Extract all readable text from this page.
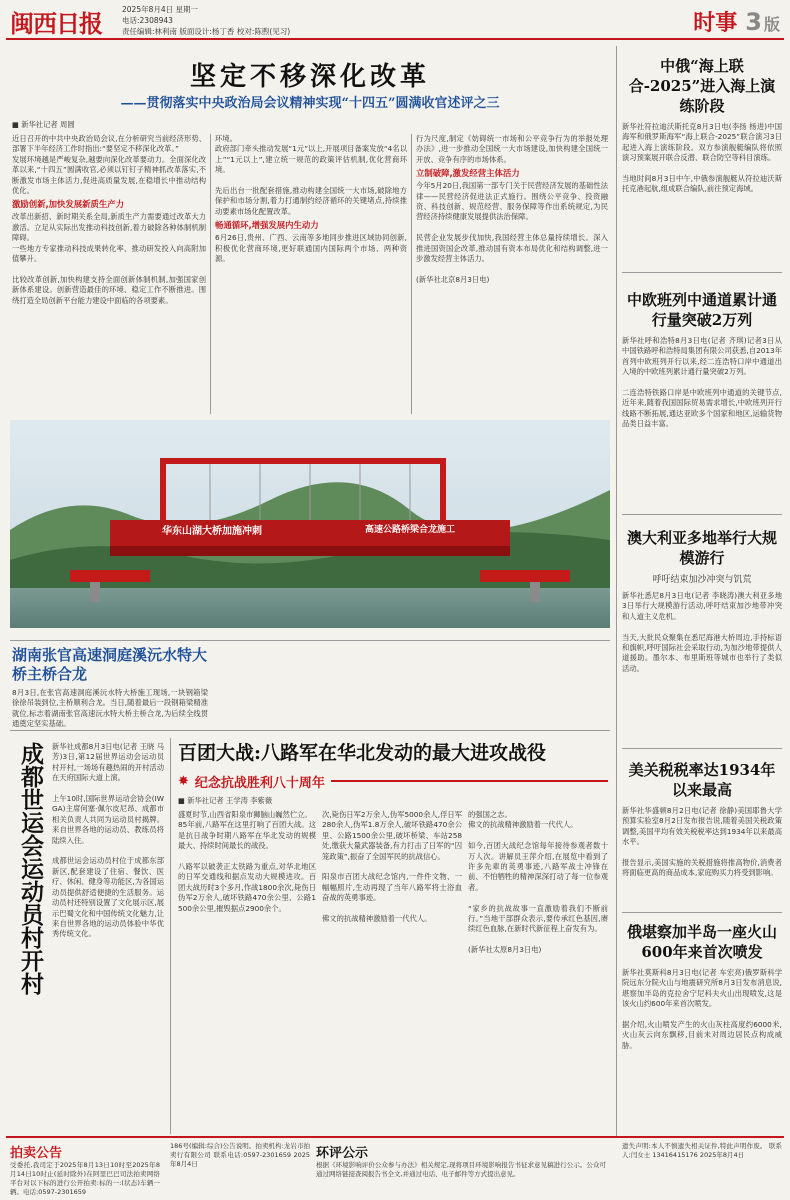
闽西日报	2025年8月4日 星期一
电话:2308943
责任编辑:林利南 版面设计:杨丁香 校对:陈煦(见习)	时事 3 版
坚定不移深化改革
——贯彻落实中央政治局会议精神实现“十四五”圆满收官述评之三
■ 新华社记者 周圆
近日召开的中共中央政治局会议,在分析研究当前经济形势、部署下半年经济工作时指出:“要坚定不移深化改革。”
发展环境越是严峻复杂,越要向深化改革要动力。全面深化改革以来,“十四五”圆满收官,必须以钉钉子精神抓改革落实,不断激发市场主体活力,促进高质量发展,在稳增长中推动结构优化。
激励创新,加快发展新质生产力
改革出新招、新时期关系全局,新质生产力需要通过改革大力激活。立足从实际出发推动科技创新,着力破除各种体制机制障碍。
一些地方专家推动科技成果转化率、推动研发投入向高附加值攀升。

比较改革创新,加快构建支持全面创新体制机制,加强国家创新体系建设。创新营造最佳的环境、稳定工作不断推进。围绕打造全局创新平台能力建设中面临的各项要素。
环境。
政府部门牵头推动发展“1元”以上,开展项目备案发放“4名以上”“1元以上”,建立统一规范的政策评估机制,优化营商环境。

先后出台一批配套措施,推动构建全国统一大市场,破除地方保护和市场分割,着力打通制约经济循环的关键堵点,持续推动要素市场化配置改革。
畅通循环,增强发展内生动力
6月26日,贵州、广西、云南等多地同步推进区域协同创新,积极优化营商环境,更好联通国内国际两个市场、两种资源。
行为尺度,制定《妨碍统一市场和公平竞争行为的举报处理办法》,进一步推动全国统一大市场建设,加快构建全国统一开放、竞争有序的市场体系。
立制破障,激发经营主体活力
今年5月20日,我国第一部专门关于民营经济发展的基础性法律——民营经济促进法正式施行。围绕公平竞争、投资融资、科技创新、规范经营、服务保障等作出系统规定,为民营经济持续健康发展提供法治保障。

民营企业发展步伐加快,我国经营主体总量持续增长。深入推进国资国企改革,推动国有资本布局优化和结构调整,进一步激发经营主体活力。

(新华社北京8月3日电)
华东山湖大桥加施冲刺	高速公路桥梁合龙施工
湖南张官高速洞庭溪沅水特大桥主桥合龙
8月3日,在张官高速洞庭溪沅水特大桥施工现场,一块钢箱梁徐徐吊装到位,主桥顺利合龙。当日,随着最后一段钢箱梁精准就位,标志着湖南张官高速沅水特大桥主桥合龙,为后续全线贯通奠定坚实基础。

成都世运会运动员村开村 新华社成都8月3日电(记者 王晓 马 芳)3日,第12届世界运动会运动员村开村,一场场有趣热闹的开村活动在天府国际大道上演。

上午10时,国际世界运动会协会(IWGA)主席何塞·佩尔皮尼昂、成都市相关负责人共同为运动员村揭牌。来自世界各地的运动员、教练员将陆续入住。

成都世运会运动员村位于成都东部新区,配套建设了住宿、餐饮、医疗、休闲、健身等功能区,为各国运动员提供舒适便捷的生活服务。运动员村还特别设置了文化展示区,展示巴蜀文化和中国传统文化魅力,让来自世界各地的运动员体验中华优秀传统文化。
百团大战:八路军在华北发动的最大进攻战役
✸ 纪念抗战胜利八十周年
■ 新华社记者 王学涛 李紫薇
盛夏时节,山西省阳泉市狮脑山巍然伫立。
85年前,八路军在这里打响了百团大战。这是抗日战争时期八路军在华北发动的规模最大、持续时间最长的战役。

八路军以破袭正太铁路为重点,对华北地区的日军交通线和据点发动大规模进攻。百团大战历时3个多月,作战1800余次,毙伤日伪军2万余人,破坏铁路470余公里、公路1500余公里,摧毁据点2900余个。
次,毙伤日军2万余人,伪军5000余人,俘日军280余人,伪军1.8万余人,破坏铁路470余公里、公路1500余公里,破坏桥梁、车站258处,缴获大量武器装备,有力打击了日军的“囚笼政策”,振奋了全国军民的抗战信心。

阳泉市百团大战纪念馆内,一件件文物、一幅幅照片,生动再现了当年八路军将士浴血奋战的英勇事迹。

佛文的抗战精神激励着一代代人。
的强国之志。
佛文的抗战精神激励着一代代人。

如今,百团大战纪念馆每年接待参观者数十万人次。讲解员王萍介绍,在展览中看到了许多先辈的英勇事迹,八路军战士冲锋在前、不怕牺牲的精神深深打动了每一位参观者。

“家乡的抗战故事一直激励着我们不断前行。”当地干部群众表示,要传承红色基因,赓续红色血脉,在新时代新征程上奋发有为。

(新华社太原8月3日电)
中俄“海上联合-2025”进入海上演练阶段
新华社符拉迪沃斯托克8月3日电(李扬 杨进)中国海军和俄罗斯海军“海上联合-2025”联合演习3日起进入海上演练阶段。双方参演舰艇编队将依照演习预案展开联合反潜、联合防空等科目演练。

当地时间8月3日中午,中俄参演舰艇从符拉迪沃斯托克港起航,组成联合编队,前往预定海域。
中欧班列中通道累计通行量突破2万列
新华社呼和浩特8月3日电(记者 齐琪)记者3日从中国铁路呼和浩特局集团有限公司获悉,自2013年首列中欧班列开行以来,经二连浩特口岸中通道出入境的中欧班列累计通行量突破2万列。

二连浩特铁路口岸是中欧班列中通道的关键节点,近年来,随着我国国际贸易需求增长,中欧班列开行线路不断拓展,通达亚欧多个国家和地区,运输货物品类日益丰富。
澳大利亚多地举行大规模游行
呼吁结束加沙冲突与饥荒
新华社悉尼8月3日电(记者 李晓涛)澳大利亚多地3日举行大规模游行活动,呼吁结束加沙地带冲突和人道主义危机。

当天,大批民众聚集在悉尼海港大桥周边,手持标语和旗帜,呼吁国际社会采取行动,为加沙地带提供人道援助。墨尔本、布里斯班等城市也举行了类似活动。
美关税税率达1934年以来最高
新华社华盛顿8月2日电(记者 徐静)美国耶鲁大学预算实验室8月2日发布报告说,随着美国关税政策调整,美国平均有效关税税率达到1934年以来最高水平。

报告显示,美国实施的关税措施将推高物价,消费者将面临更高的商品成本,家庭购买力将受到影响。
俄堪察加半岛一座火山600年来首次喷发
新华社莫斯科8月3日电(记者 车宏亮)俄罗斯科学院远东分院火山与地震研究所8月3日发布消息说,堪察加半岛的克拉舍宁尼科夫火山出现喷发,这是该火山约600年来首次喷发。

据介绍,火山喷发产生的火山灰柱高度约6000米,火山灰云向东飘移,目前未对周边居民点构成威胁。
拍卖公告
受委托,我司定于2025年8月13日10时至2025年8月14日10时止(延时除外)在阿里巴巴司法拍卖网络平台对以下标的进行公开拍卖:标的一:(状态)车辆一辆。电话:0597-2301659
186号(编辑:综合)公告说明。拍卖机构:龙岩市拍卖行有限公司 联系电话:0597-2301659 2025年8月4日
环评公示
根据《环境影响评价公众参与办法》相关规定,现将项目环境影响报告书征求意见稿进行公示。公众可通过网络链接查阅报告书全文,并通过电话、电子邮件等方式提出意见。
遗失声明:本人不慎遗失相关证件,特此声明作废。 联系人:闫女士 13416415176 2025年8月4日
